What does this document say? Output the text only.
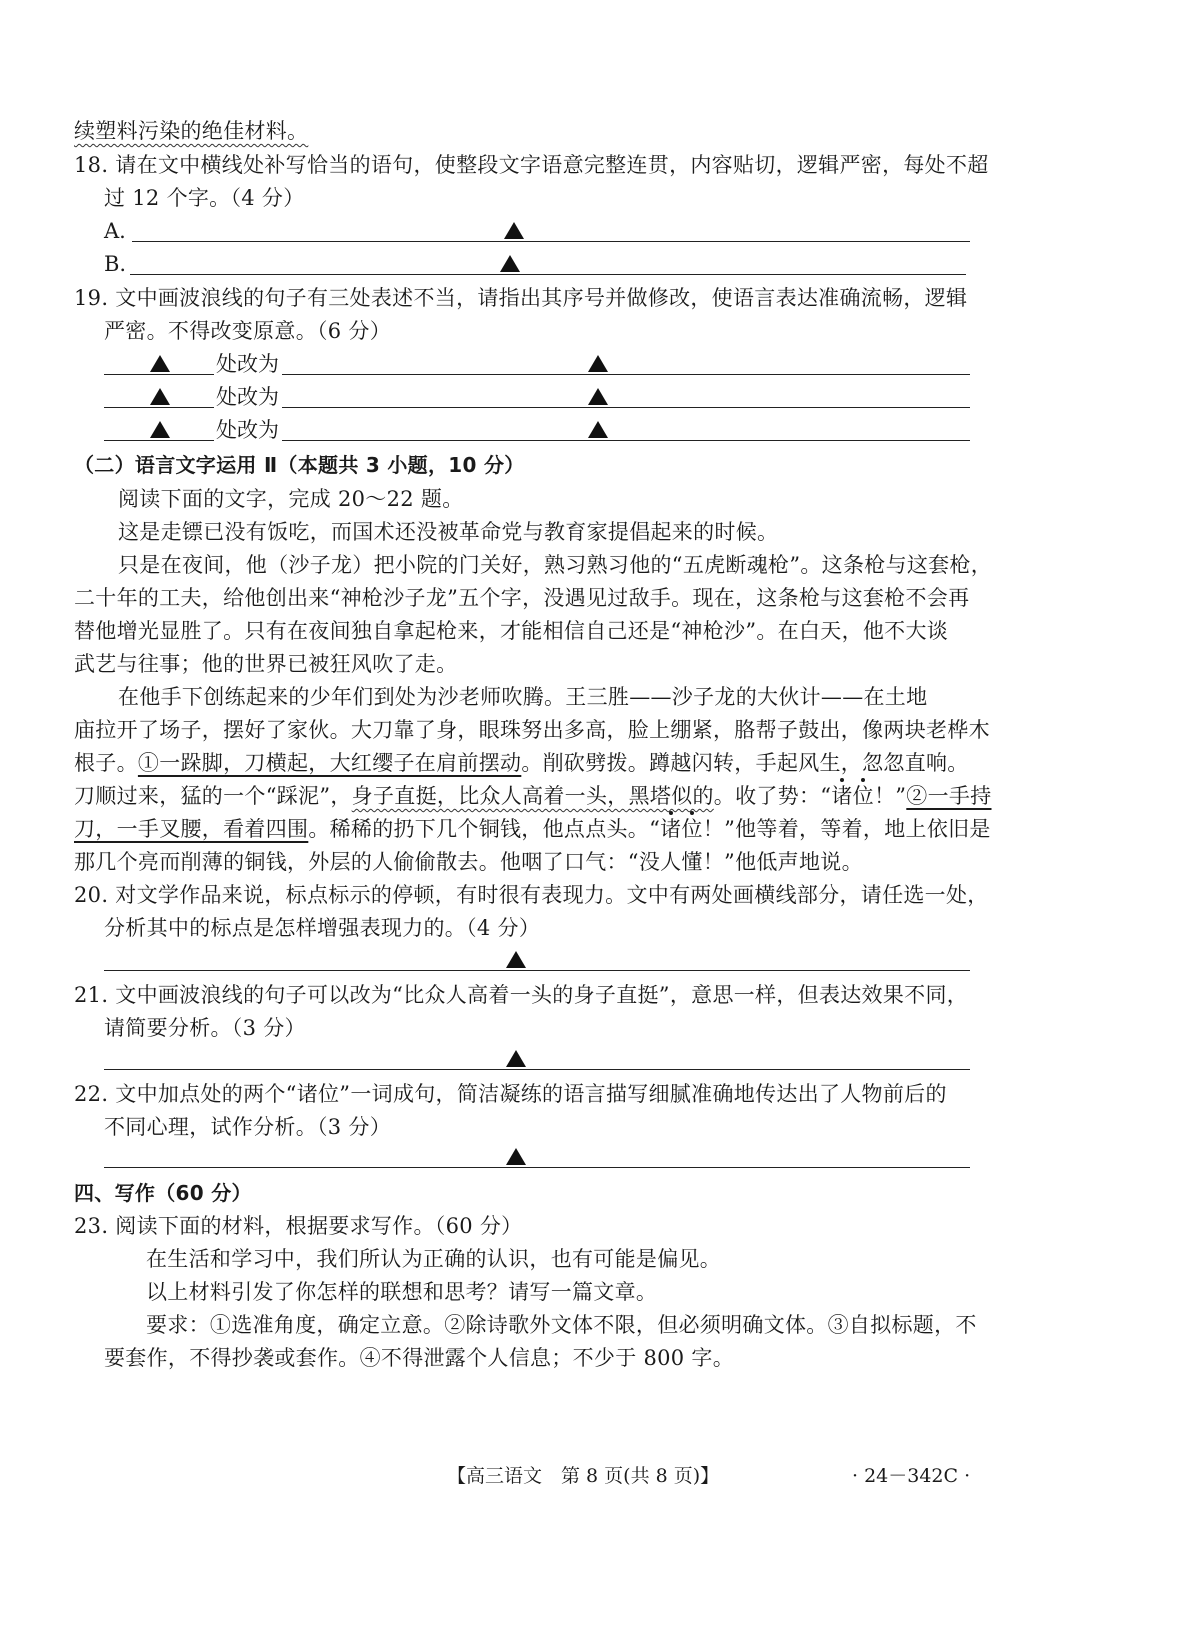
续塑料污染的绝佳材料。
18. 请在文中横线处补写恰当的语句，使整段文字语意完整连贯，内容贴切，逻辑严密，每处不超
过 12 个字。（4 分）
A.
B.
19. 文中画波浪线的句子有三处表述不当，请指出其序号并做修改，使语言表达准确流畅，逻辑
严密。不得改变原意。（6 分）
处改为
处改为
处改为
（二）语言文字运用 Ⅱ（本题共 3 小题，10 分）
阅读下面的文字，完成 20～22 题。
这是走镖已没有饭吃，而国术还没被革命党与教育家提倡起来的时候。
只是在夜间，他（沙子龙）把小院的门关好，熟习熟习他的“五虎断魂枪”。这条枪与这套枪，
二十年的工夫，给他创出来“神枪沙子龙”五个字，没遇见过敌手。现在，这条枪与这套枪不会再
替他增光显胜了。只有在夜间独自拿起枪来，才能相信自己还是“神枪沙”。在白天，他不大谈
武艺与往事；他的世界已被狂风吹了走。
在他手下创练起来的少年们到处为沙老师吹腾。王三胜——沙子龙的大伙计——在土地
庙拉开了场子，摆好了家伙。大刀靠了身，眼珠努出多高，脸上绷紧，胳帮子鼓出，像两块老桦木
根子。①一跺脚，刀横起，大红缨子在肩前摆动。削砍劈拨。蹲越闪转，手起风生，忽忽直响。
刀顺过来，猛的一个“踩泥”，身子直挺，比众人高着一头，黑塔似的。收了势：“诸位！”②一手持
刀，一手叉腰，看着四围。稀稀的扔下几个铜钱，他点点头。“诸位！”他等着，等着，地上依旧是
那几个亮而削薄的铜钱，外层的人偷偷散去。他咽了口气：“没人懂！”他低声地说。
20. 对文学作品来说，标点标示的停顿，有时很有表现力。文中有两处画横线部分，请任选一处，
分析其中的标点是怎样增强表现力的。（4 分）
21. 文中画波浪线的句子可以改为“比众人高着一头的身子直挺”，意思一样，但表达效果不同，
请简要分析。（3 分）
22. 文中加点处的两个“诸位”一词成句，简洁凝练的语言描写细腻准确地传达出了人物前后的
不同心理，试作分析。（3 分）
四、写作（60 分）
23. 阅读下面的材料，根据要求写作。（60 分）
在生活和学习中，我们所认为正确的认识，也有可能是偏见。
以上材料引发了你怎样的联想和思考？请写一篇文章。
要求：①选准角度，确定立意。②除诗歌外文体不限，但必须明确文体。③自拟标题，不
要套作，不得抄袭或套作。④不得泄露个人信息；不少于 800 字。
【高三语文　第 8 页(共 8 页)】	· 24－342C ·
